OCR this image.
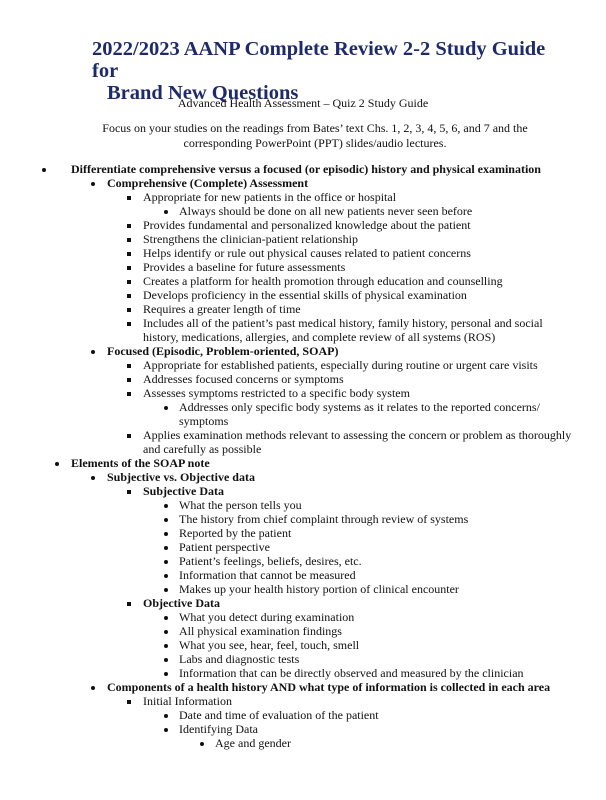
2022/2023 AANP Complete Review 2-2 Study Guide for
Brand New Questions
Advanced Health Assessment – Quiz 2 Study Guide
Focus on your studies on the readings from Bates’ text Chs. 1, 2, 3, 4, 5, 6, and 7 and the corresponding PowerPoint (PPT) slides/audio lectures.
Differentiate comprehensive versus a focused (or episodic) history and physical examination
Comprehensive (Complete) Assessment
Appropriate for new patients in the office or hospital
Always should be done on all new patients never seen before
Provides fundamental and personalized knowledge about the patient
Strengthens the clinician-patient relationship
Helps identify or rule out physical causes related to patient concerns
Provides a baseline for future assessments
Creates a platform for health promotion through education and counselling
Develops proficiency in the essential skills of physical examination
Requires a greater length of time
Includes all of the patient’s past medical history, family history, personal and social history, medications, allergies, and complete review of all systems (ROS)
Focused (Episodic, Problem-oriented, SOAP)
Appropriate for established patients, especially during routine or urgent care visits
Addresses focused concerns or symptoms
Assesses symptoms restricted to a specific body system
Addresses only specific body systems as it relates to the reported concerns/ symptoms
Applies examination methods relevant to assessing the concern or problem as thoroughly and carefully as possible
Elements of the SOAP note
Subjective vs. Objective data
Subjective Data
What the person tells you
The history from chief complaint through review of systems
Reported by the patient
Patient perspective
Patient’s feelings, beliefs, desires, etc.
Information that cannot be measured
Makes up your health history portion of clinical encounter
Objective Data
What you detect during examination
All physical examination findings
What you see, hear, feel, touch, smell
Labs and diagnostic tests
Information that can be directly observed and measured by the clinician
Components of a health history AND what type of information is collected in each area
Initial Information
Date and time of evaluation of the patient
Identifying Data
Age and gender
